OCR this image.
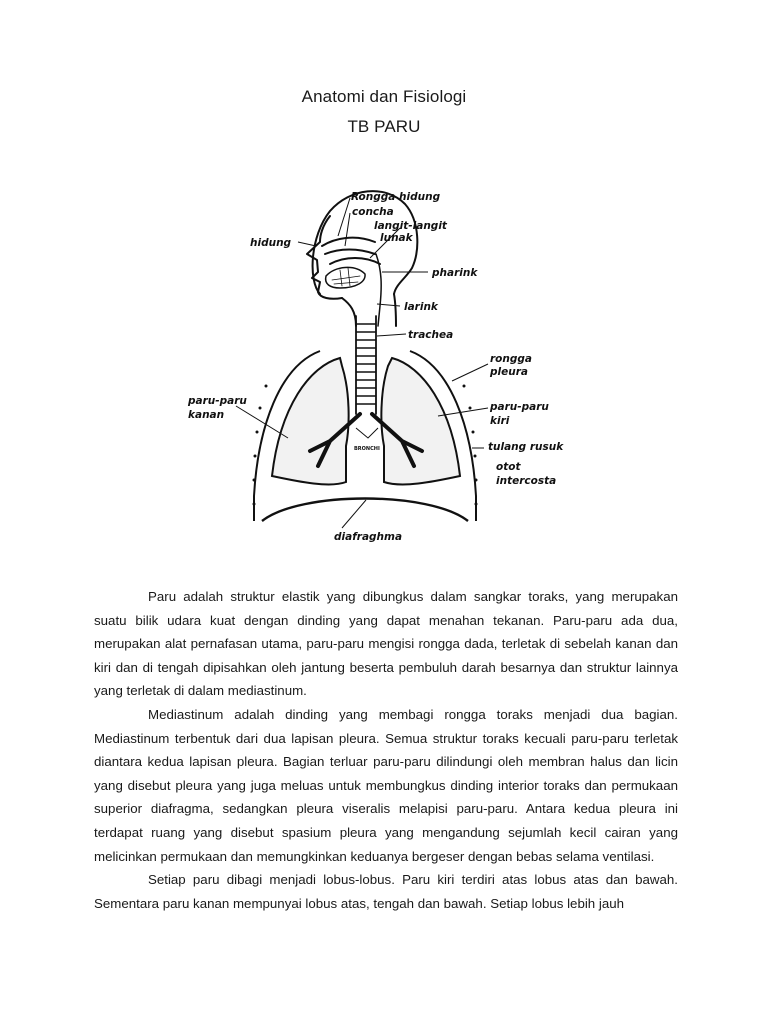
Anatomi dan Fisiologi
TB PARU
Rongga hidung
concha
langit-langit
lunak
hidung
pharink
larink
trachea
rongga
pleura
paru-paru
kanan
paru-paru
kiri
tulang rusuk
otot
intercosta
diafraghma
BRONCHI

Paru adalah struktur elastik yang dibungkus dalam sangkar toraks, yang merupakan suatu bilik udara kuat dengan dinding yang dapat menahan tekanan. Paru-paru ada dua, merupakan alat pernafasan utama, paru-paru mengisi rongga dada, terletak di sebelah kanan dan kiri dan di tengah dipisahkan oleh jantung beserta pembuluh darah besarnya dan struktur lainnya yang terletak di dalam mediastinum.

Mediastinum adalah dinding yang membagi rongga toraks menjadi dua bagian. Mediastinum terbentuk dari dua lapisan pleura. Semua struktur toraks kecuali paru-paru terletak diantara kedua lapisan pleura. Bagian terluar paru-paru dilindungi oleh membran halus dan licin yang disebut pleura yang juga meluas untuk membungkus dinding interior toraks dan permukaan superior diafragma, sedangkan pleura viseralis melapisi paru-paru. Antara kedua pleura ini terdapat ruang yang disebut spasium pleura yang mengandung sejumlah kecil cairan yang melicinkan permukaan dan memungkinkan keduanya bergeser dengan bebas selama ventilasi.

Setiap paru dibagi menjadi lobus-lobus. Paru kiri terdiri atas lobus atas dan bawah. Sementara paru kanan mempunyai lobus atas, tengah dan bawah. Setiap lobus lebih jauh
